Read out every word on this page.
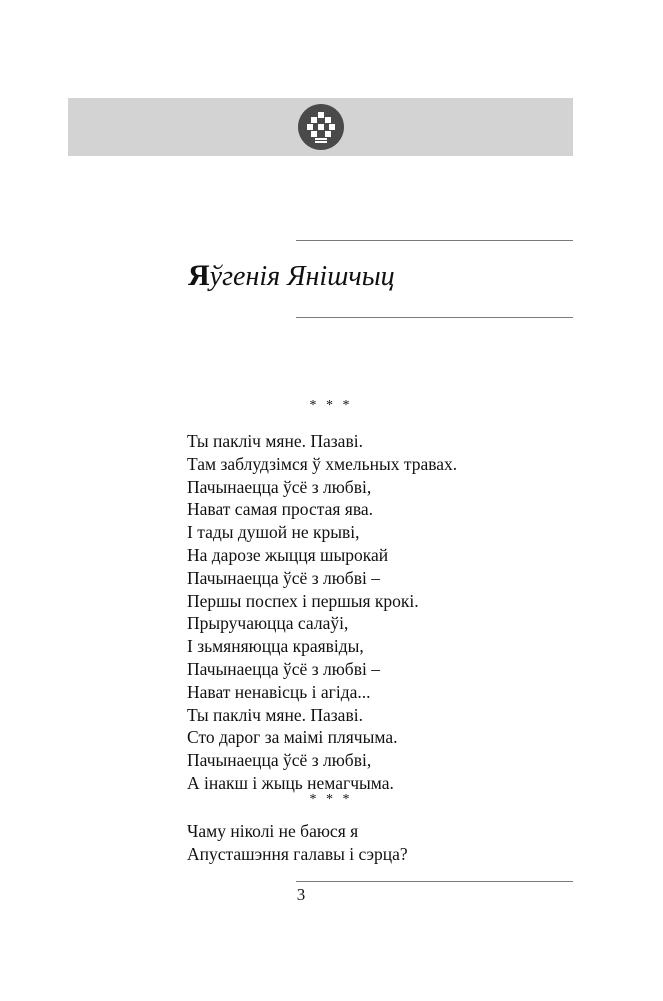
Яўгенія Янішчыц
* * *
Ты пакліч мяне. Пазаві.
Там заблудзімся ў хмельных травах.
Пачынаецца ўсё з любві,
Нават самая простая ява.
І тады душой не крыві,
На дарозе жыцця шырокай
Пачынаецца ўсё з любві –
Першы поспех і першыя крокі.
Прыручаюцца салаўі,
І зьмяняюцца краявіды,
Пачынаецца ўсё з любві –
Нават ненавісць і агіда...
Ты пакліч мяне. Пазаві.
Сто дарог за маімі плячыма.
Пачынаецца ўсё з любві,
А інакш і жыць немагчыма.
* * *
Чаму ніколі не баюся я
Апусташэння галавы і сэрца?
3
